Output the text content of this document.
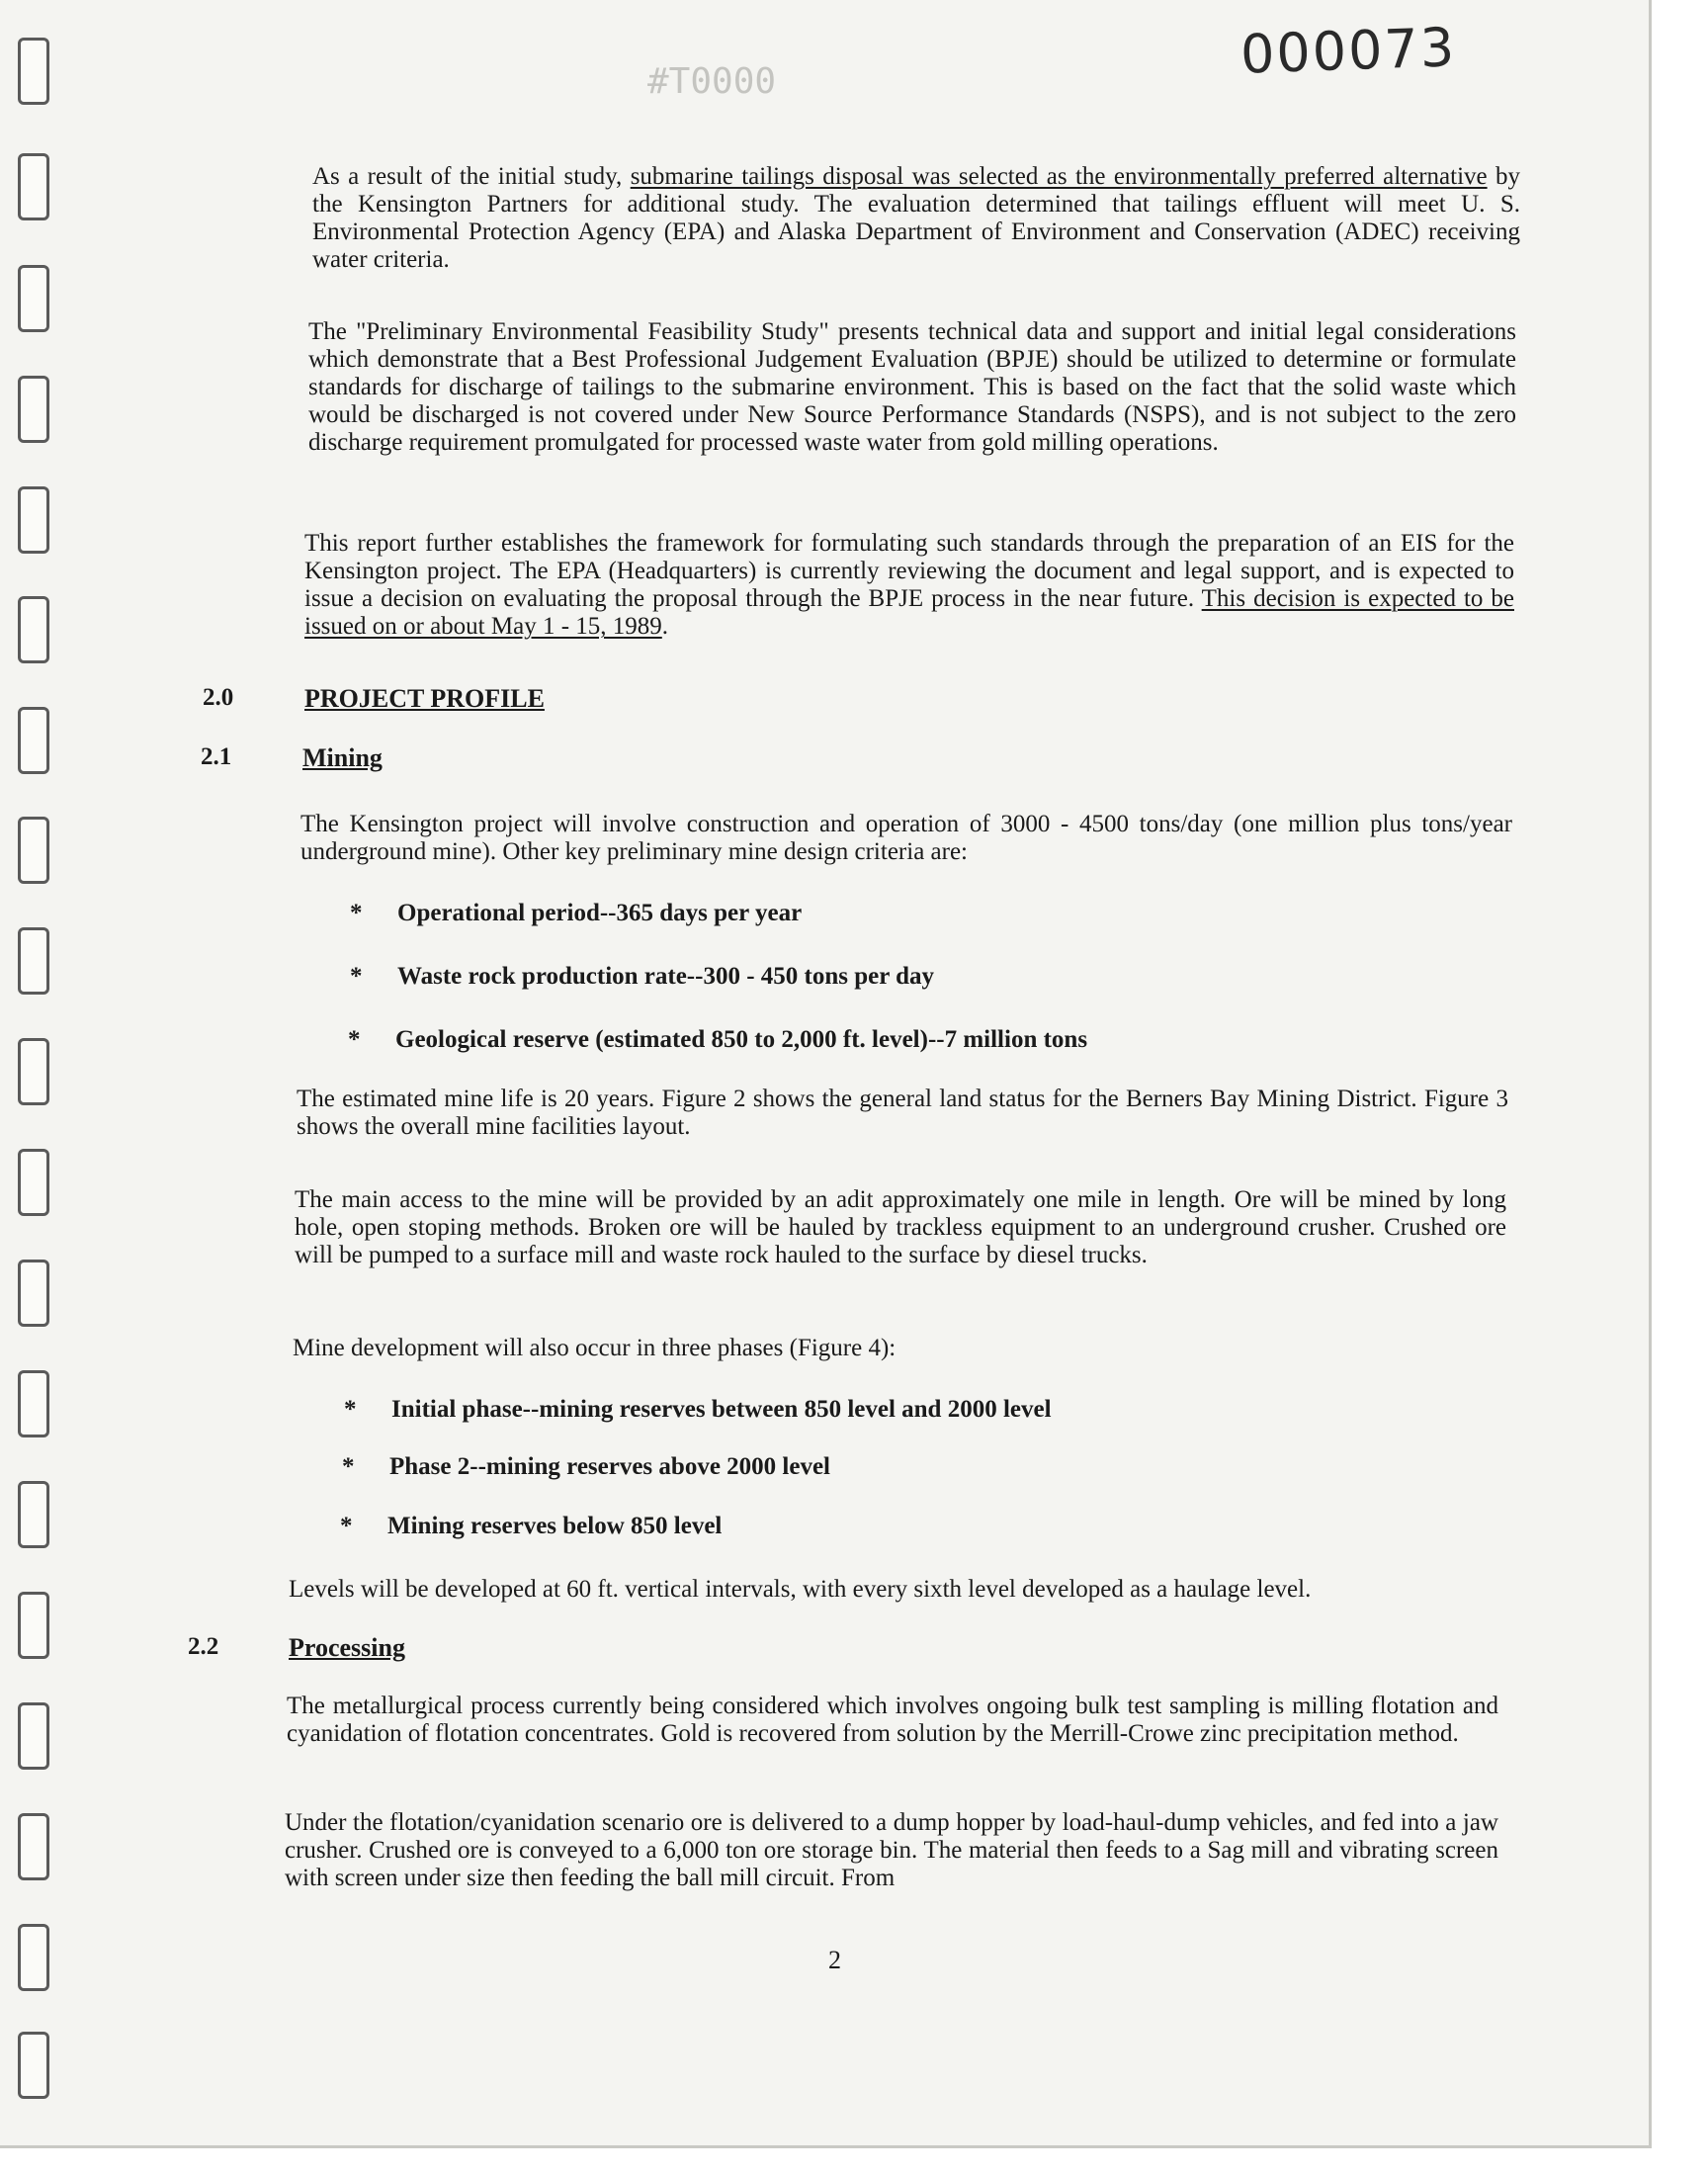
000073
#T0000

As a result of the initial study, submarine tailings disposal was selected as the environmentally preferred alternative by the Kensington Partners for additional study. The evaluation determined that tailings effluent will meet U. S. Environmental Protection Agency (EPA) and Alaska Department of Environment and Conservation (ADEC) receiving water criteria.

The "Preliminary Environmental Feasibility Study" presents technical data and support and initial legal considerations which demonstrate that a Best Professional Judgement Evaluation (BPJE) should be utilized to determine or formulate standards for discharge of tailings to the submarine environment. This is based on the fact that the solid waste which would be discharged is not covered under New Source Performance Standards (NSPS), and is not subject to the zero discharge requirement promulgated for processed waste water from gold milling operations.

This report further establishes the framework for formulating such standards through the preparation of an EIS for the Kensington project. The EPA (Headquarters) is currently reviewing the document and legal support, and is expected to issue a decision on evaluating the proposal through the BPJE process in the near future. This decision is expected to be issued on or about May 1 - 15, 1989.

2.0	PROJECT PROFILE
2.1	Mining

The Kensington project will involve construction and operation of 3000 - 4500 tons/day (one million plus tons/year underground mine). Other key preliminary mine design criteria are:

* Operational period--365 days per year
* Waste rock production rate--300 - 450 tons per day
* Geological reserve (estimated 850 to 2,000 ft. level)--7 million tons

The estimated mine life is 20 years. Figure 2 shows the general land status for the Berners Bay Mining District. Figure 3 shows the overall mine facilities layout.

The main access to the mine will be provided by an adit approximately one mile in length. Ore will be mined by long hole, open stoping methods. Broken ore will be hauled by trackless equipment to an underground crusher. Crushed ore will be pumped to a surface mill and waste rock hauled to the surface by diesel trucks.

Mine development will also occur in three phases (Figure 4):

* Initial phase--mining reserves between 850 level and 2000 level
* Phase 2--mining reserves above 2000 level
* Mining reserves below 850 level

Levels will be developed at 60 ft. vertical intervals, with every sixth level developed as a haulage level.

2.2	Processing

The metallurgical process currently being considered which involves ongoing bulk test sampling is milling flotation and cyanidation of flotation concentrates. Gold is recovered from solution by the Merrill-Crowe zinc precipitation method.

Under the flotation/cyanidation scenario ore is delivered to a dump hopper by load-haul-dump vehicles, and fed into a jaw crusher. Crushed ore is conveyed to a 6,000 ton ore storage bin. The material then feeds to a Sag mill and vibrating screen with screen under size then feeding the ball mill circuit. From

2
